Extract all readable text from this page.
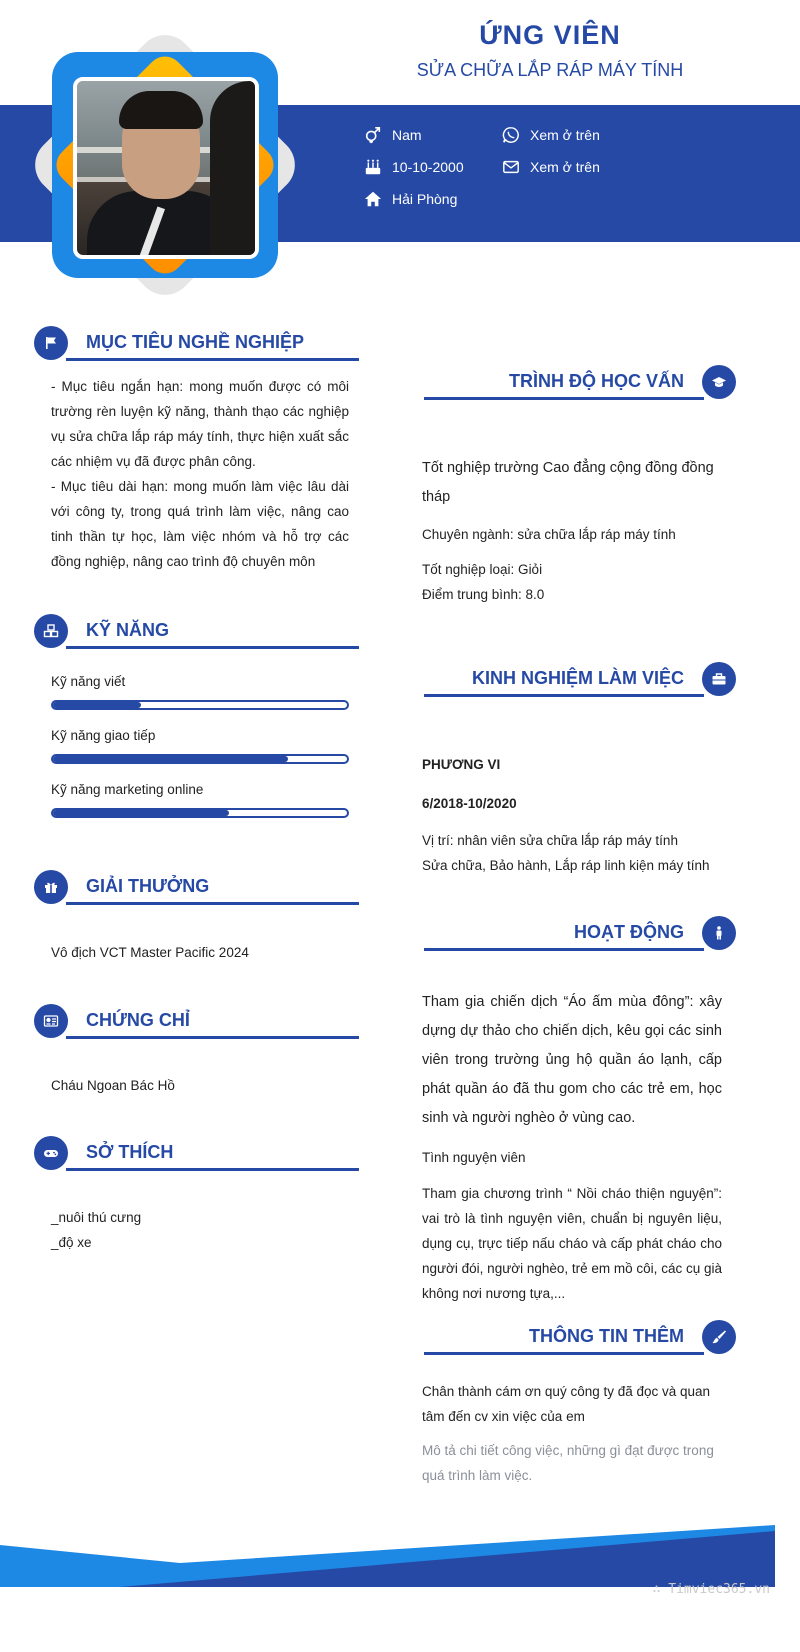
ỨNG VIÊN
SỬA CHỮA LẮP RÁP MÁY TÍNH
Nam
10-10-2000
Hải Phòng
Xem ở trên
Xem ở trên
MỤC TIÊU NGHỀ NGHIỆP
- Mục tiêu ngắn hạn: mong muốn được có môi trường rèn luyện kỹ năng, thành thạo các nghiệp vụ sửa chữa lắp ráp máy tính, thực hiện xuất sắc các nhiệm vụ đã được phân công.
- Mục tiêu dài hạn: mong muốn làm việc lâu dài với công ty, trong quá trình làm việc, nâng cao tinh thần tự học, làm việc nhóm và hỗ trợ các đồng nghiệp, nâng cao trình độ chuyên môn
KỸ NĂNG
Kỹ năng viết
Kỹ năng giao tiếp
Kỹ năng marketing online
GIẢI THƯỞNG
Vô địch VCT Master Pacific 2024
CHỨNG CHỈ
Cháu Ngoan Bác Hồ
SỞ THÍCH
_nuôi thú cưng
_độ xe
TRÌNH ĐỘ HỌC VẤN
Tốt nghiệp trường Cao đẳng cộng đồng đồng tháp
Chuyên ngành: sửa chữa lắp ráp máy tính
Tốt nghiệp loại: Giỏi
Điểm trung bình: 8.0
KINH NGHIỆM LÀM VIỆC
PHƯƠNG VI
6/2018-10/2020
Vị trí: nhân viên sửa chữa lắp ráp máy tính
Sửa chữa, Bảo hành, Lắp ráp linh kiện máy tính
HOẠT ĐỘNG
Tham gia chiến dịch “Áo ấm mùa đông”: xây dựng dự thảo cho chiến dịch, kêu gọi các sinh viên trong trường ủng hộ quần áo lạnh, cấp phát quần áo đã thu gom cho các trẻ em, học sinh và người nghèo ở vùng cao.
Tình nguyện viên
Tham gia chương trình “ Nồi cháo thiện nguyện”: vai trò là tình nguyện viên, chuẩn bị nguyên liệu, dụng cụ, trực tiếp nấu cháo và cấp phát cháo cho người đói, người nghèo, trẻ em mồ côi, các cụ già không nơi nương tựa,...
THÔNG TIN THÊM
Chân thành cám ơn quý công ty đã đọc và quan tâm đến cv xin việc của em
Mô tả chi tiết công việc, những gì đạt được trong quá trình làm việc.
∴ Timviec365.vn
